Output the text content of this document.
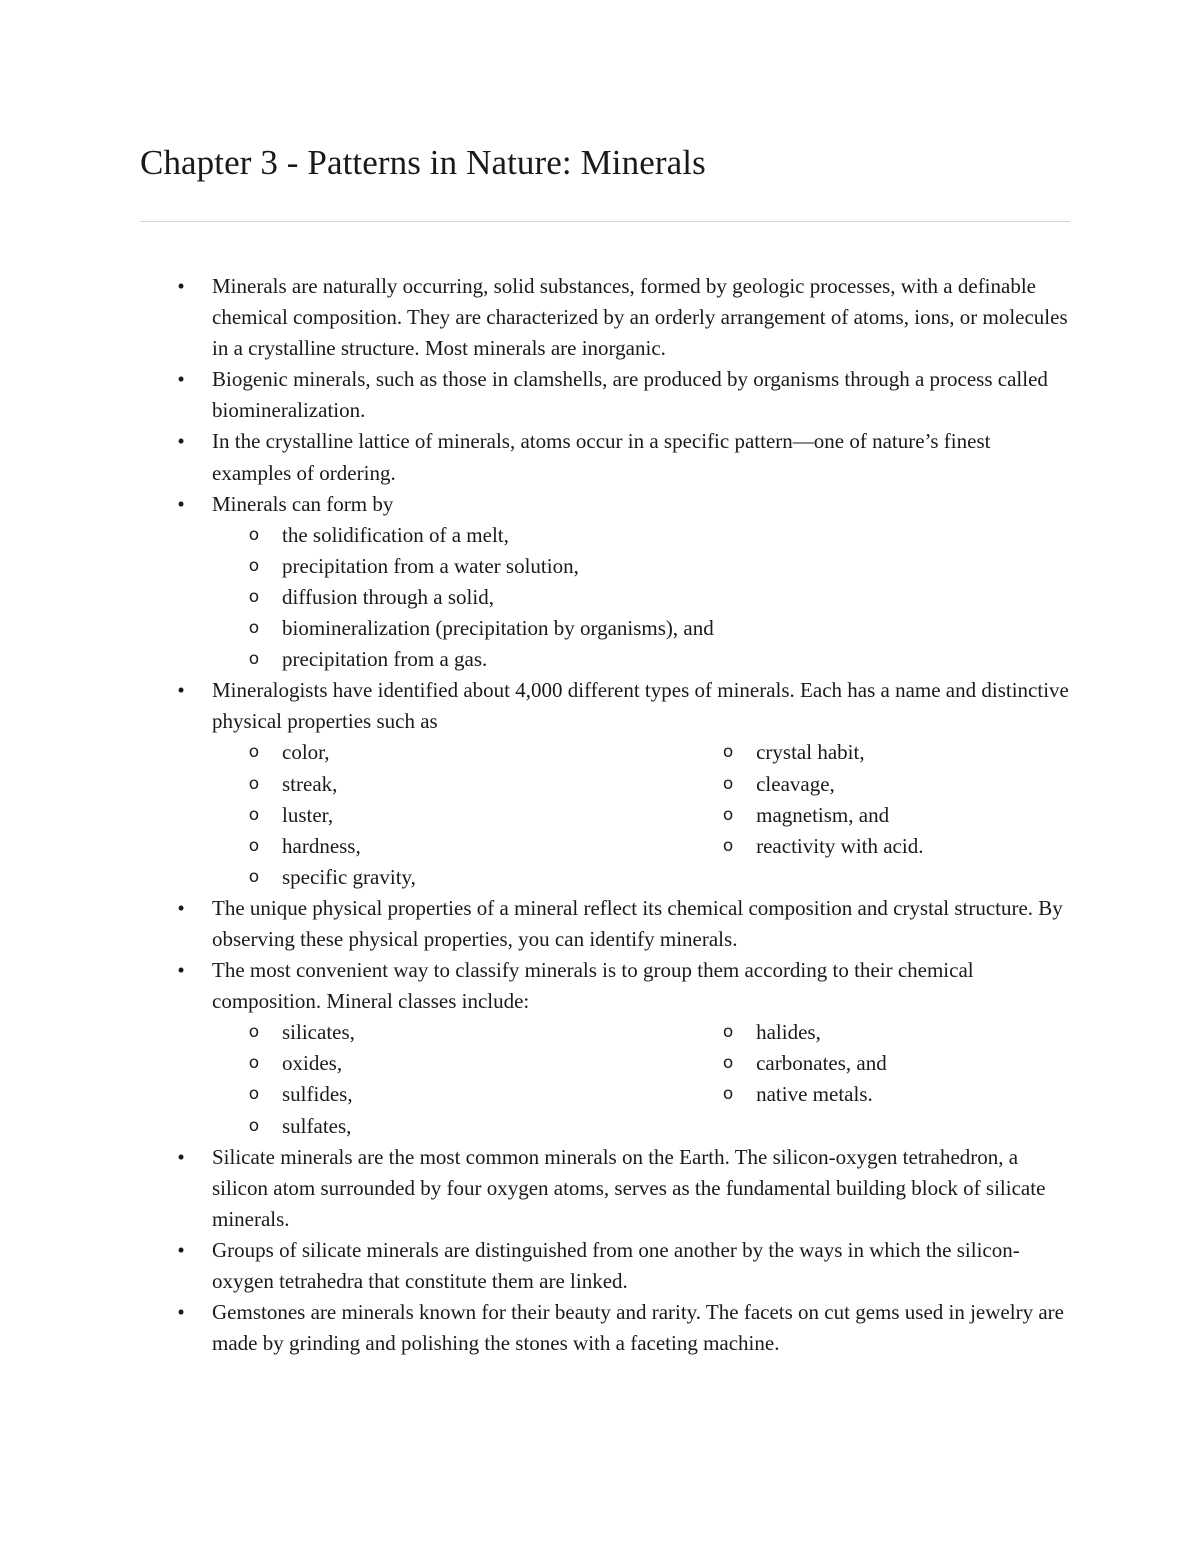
Chapter 3 - Patterns in Nature: Minerals
• Minerals are naturally occurring, solid substances, formed by geologic processes, with a definable chemical composition. They are characterized by an orderly arrangement of atoms, ions, or molecules in a crystalline structure. Most minerals are inorganic.
• Biogenic minerals, such as those in clamshells, are produced by organisms through a process called biomineralization.
• In the crystalline lattice of minerals, atoms occur in a specific pattern—one of nature’s finest examples of ordering.
• Minerals can form by
o the solidification of a melt,
o precipitation from a water solution,
o diffusion through a solid,
o biomineralization (precipitation by organisms), and
o precipitation from a gas.
• Mineralogists have identified about 4,000 different types of minerals. Each has a name and distinctive physical properties such as
o color,
o streak,
o luster,
o hardness,
o specific gravity,
o crystal habit,
o cleavage,
o magnetism, and
o reactivity with acid.
• The unique physical properties of a mineral reflect its chemical composition and crystal structure. By observing these physical properties, you can identify minerals.
• The most convenient way to classify minerals is to group them according to their chemical composition. Mineral classes include:
o silicates,
o oxides,
o sulfides,
o sulfates,
o halides,
o carbonates, and
o native metals.
• Silicate minerals are the most common minerals on the Earth. The silicon-oxygen tetrahedron, a silicon atom surrounded by four oxygen atoms, serves as the fundamental building block of silicate minerals.
• Groups of silicate minerals are distinguished from one another by the ways in which the silicon-oxygen tetrahedra that constitute them are linked.
• Gemstones are minerals known for their beauty and rarity. The facets on cut gems used in jewelry are made by grinding and polishing the stones with a faceting machine.
